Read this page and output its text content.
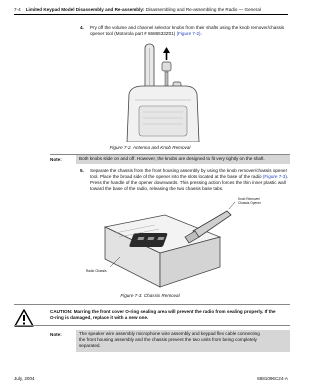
7-4 Limited Keypad Model Disassembly and Re-assembly: Disassembling and Re-assembling the Radio — General
4. Pry off the volume and channel selector knobs from their shafts using the knob remover/chassis
opener tool (Motorola part # 6686533Z01) (Figure 7-2).
Figure 7-2. Antenna and Knob Removal
Note:	Both knobs slide on and off. However, the knobs are designed to fit very tightly on the shaft.
5. Separate the chassis from the front housing assembly by using the knob remover/chassis opener
tool. Place the broad side of the opener into the slots located at the base of the radio (Figure 7-3).
Press the handle of the opener downwards. This pressing action forces the thin inner plastic wall
toward the base of the radio, releasing the two chassis base tabs.
Knob Remover/
Chassis Opener
Radio Chassis
Figure 7-3. Chassis Removal
CAUTION: Marring the front cover O-ring sealing area will prevent the radio from sealing properly. If the
O-ring is damaged, replace it with a new one.
Note:	The speaker wire assembly microphone wire assembly and keypad flex cable connecting
the front housing assembly and the chassis prevent the two units from being completely
separated.
July, 2004	6881096C24-A
